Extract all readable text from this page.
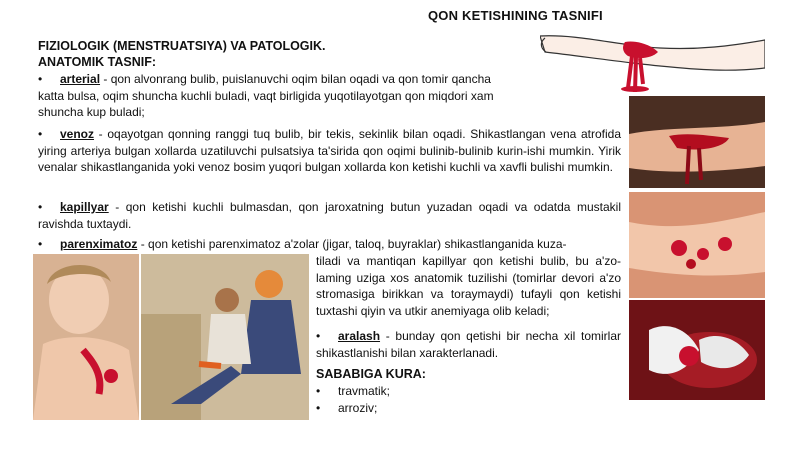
QON KETISHINING TASNIFI
FIZIOLOGIK (MENSTRUATSIYA) VA PATOLOGIK.
ANATOMIK TASNIF:
• arterial - qon alvonrang bulib, puislanuvchi oqim bilan oqadi va qon tomir qancha
katta bulsa, oqim shuncha kuchli buladi, vaqt birligida yuqotilayotgan qon miqdori xam
shuncha kup buladi;
• venoz - oqayotgan qonning ranggi tuq bulib, bir tekis, sekinlik bilan oqadi. Shikastlangan vena atrofida yiring arteriya bulgan xollarda uzatiluvchi pulsatsiya ta'sirida qon oqimi bulinib-bulinib kurin-ishi mumkin. Yirik venalar shikastlanganida yoki venoz bosim yuqori bulgan xollarda kon ketishi kuchli va xavfli bulishi mumkin.
• kapillyar - qon ketishi kuchli bulmasdan, qon jaroxatning butun yuzadan oqadi va odatda mustakil ravishda tuxtaydi.
• parenximatoz - qon ketishi parenximatoz a'zolar (jigar, taloq, buyraklar) shikastlanganida kuza-
tiladi va mantiqan kapillyar qon ketishi bulib, bu a'zo-laming uziga xos anatomik tuzilishi (tomirlar devori a'zo stromasiga birikkan va toraymaydi) tufayli qon ketishi tuxtashi qiyin va utkir anemiyaga olib keladi;
• aralash - bunday qon qetishi bir necha xil tomirlar shikastlanishi bilan xarakterlanadi.
SABABIGA KURA:
• travmatik;
• arroziv;
